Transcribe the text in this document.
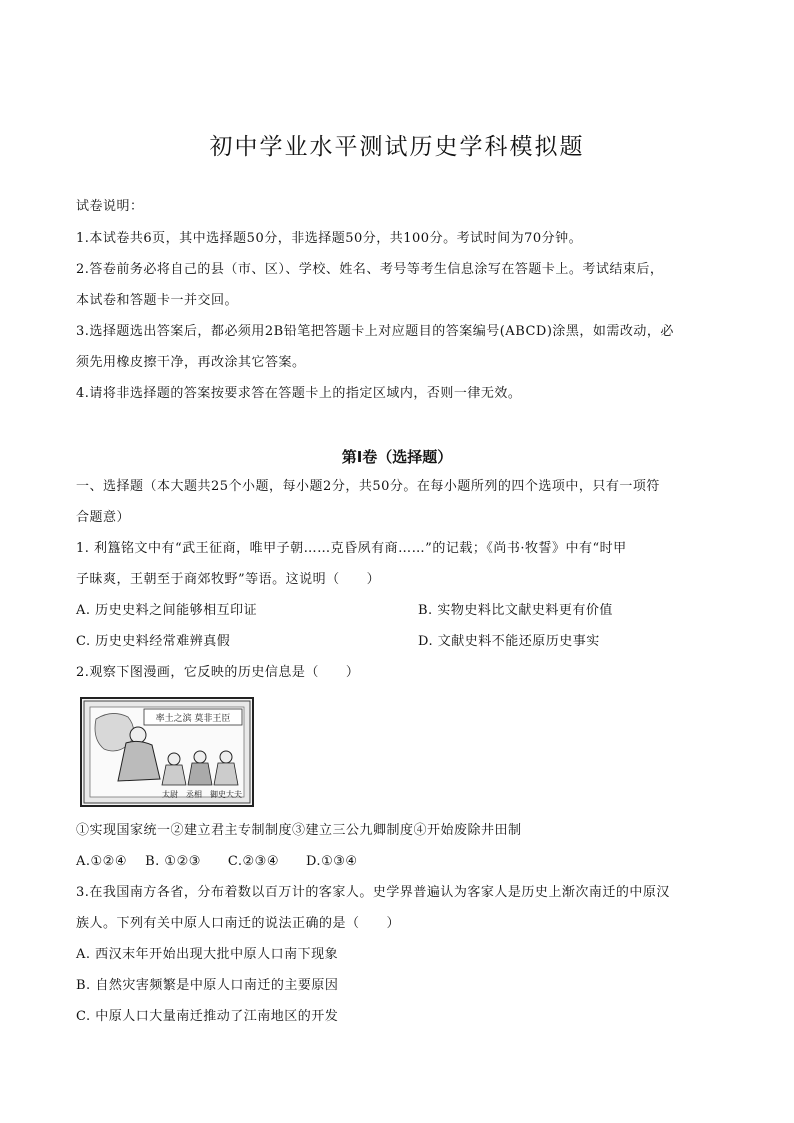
初中学业水平测试历史学科模拟题
试卷说明：
1.本试卷共6页，其中选择题50分，非选择题50分，共100分。考试时间为70分钟。
2.答卷前务必将自己的县（市、区）、学校、姓名、考号等考生信息涂写在答题卡上。考试结束后，
本试卷和答题卡一并交回。
3.选择题选出答案后，都必须用2B铅笔把答题卡上对应题目的答案编号(ABCD)涂黑，如需改动，必
须先用橡皮擦干净，再改涂其它答案。
4.请将非选择题的答案按要求答在答题卡上的指定区域内，否则一律无效。
第Ⅰ卷（选择题）
一、选择题（本大题共25个小题，每小题2分，共50分。在每小题所列的四个选项中，只有一项符
合题意）
1. 利簋铭文中有“武王征商，唯甲子朝……克昏夙有商……”的记载；《尚书·牧誓》中有“时甲
子昧爽，王朝至于商郊牧野”等语。这说明（　　）
A. 历史史料之间能够相互印证	B. 实物史料比文献史料更有价值
C. 历史史料经常难辨真假	D. 文献史料不能还原历史事实
2.观察下图漫画，它反映的历史信息是（　　）
率土之滨 莫非王臣
太尉　丞相　御史大夫
①实现国家统一②建立君主专制制度③建立三公九卿制度④开始废除井田制
A.①②④　 B. ①②③　　C.②③④　　D.①③④
3.在我国南方各省，分布着数以百万计的客家人。史学界普遍认为客家人是历史上渐次南迁的中原汉
族人。下列有关中原人口南迁的说法正确的是（　　）
A. 西汉末年开始出现大批中原人口南下现象
B. 自然灾害频繁是中原人口南迁的主要原因
C. 中原人口大量南迁推动了江南地区的开发
